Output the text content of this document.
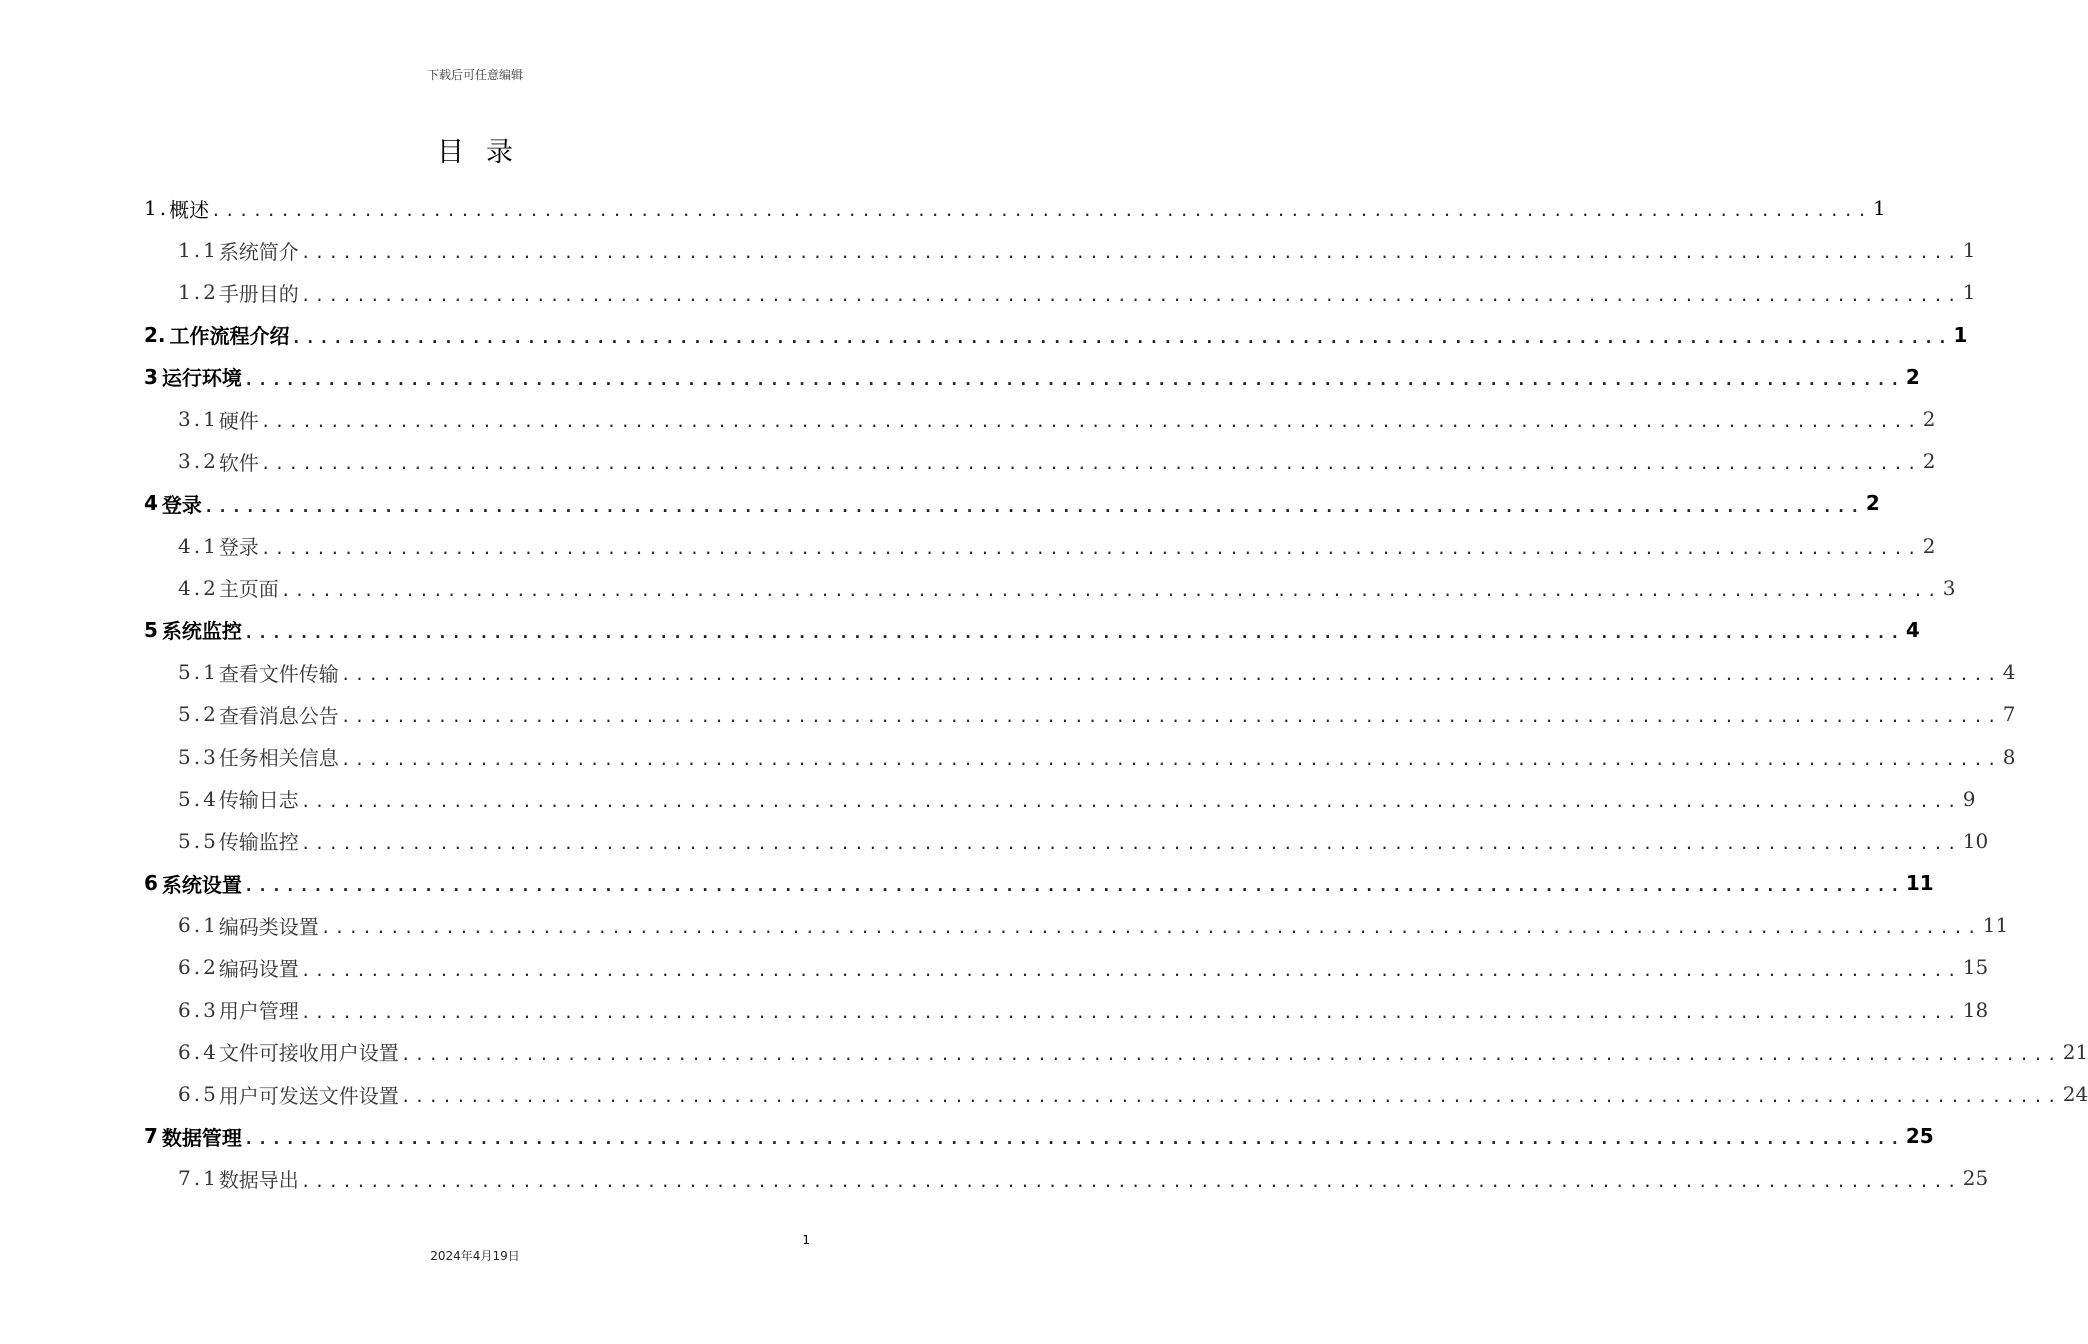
下载后可任意编辑
目录
1. 概述 ........................................................................................................................ 1
1.1 系统简介 ........................................................................................................................ 1
1.2 手册目的 ........................................................................................................................ 1
2. 工作流程介绍 ........................................................................................................................ 1
3 运行环境 ........................................................................................................................ 2
3.1 硬件 ........................................................................................................................ 2
3.2 软件 ........................................................................................................................ 2
4 登录 ........................................................................................................................ 2
4.1 登录 ........................................................................................................................ 2
4.2 主页面 ........................................................................................................................ 3
5 系统监控 ........................................................................................................................ 4
5.1 查看文件传输 ........................................................................................................................ 4
5.2 查看消息公告 ........................................................................................................................ 7
5.3 任务相关信息 ........................................................................................................................ 8
5.4 传输日志 ........................................................................................................................ 9
5.5 传输监控 ........................................................................................................................ 10
6 系统设置 ........................................................................................................................ 11
6.1 编码类设置 ........................................................................................................................ 11
6.2 编码设置 ........................................................................................................................ 15
6.3 用户管理 ........................................................................................................................ 18
6.4 文件可接收用户设置 ........................................................................................................................ 21
6.5 用户可发送文件设置 ........................................................................................................................ 24
7 数据管理 ........................................................................................................................ 25
7.1 数据导出 ........................................................................................................................ 25
1
2024年4月19日
